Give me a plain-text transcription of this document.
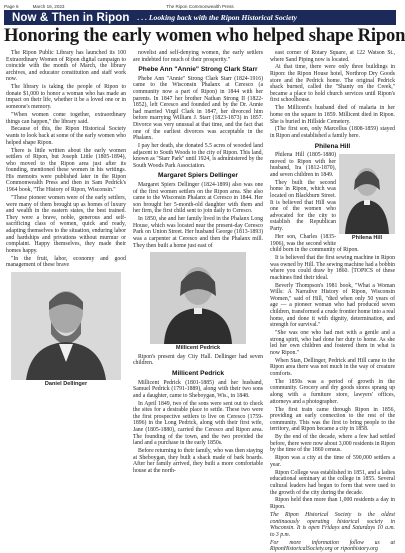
Page 6	The Ripon Commonwealth Press
March 16, 2023
Now & Then in Ripon . . . Looking back with the Ripon Historical Society
Honoring the early women who helped shape Ripon

The Ripon Public Library has launched its 100 Extraordinary Women of Ripon digital campaign to coincide with the month of March, the library archives, and educator constitution and staff work now.

The library is taking the people of Ripon to donate $1,000 to honor a woman who has made an impact on their life, whether it be a loved one or in someone's memory.

"When women come together, extraordinary things can happen," the library said.

Because of this, the Ripon Historical Society wants to look back at some of the early women who helped shape Ripon.

There is little written about the early women settlers of Ripon, but Joseph Little (1805-1894), who moved to the Ripon area just after its founding, mentioned these women in his writings. His memoirs were published later in the Ripon Commonwealth Press and then in Sam Pedrick's 1964 book, "The History of Ripon, Wisconsin."

"These pioneer women were of the early settlers, were many of them brought up as homes of luxury and wealth in the eastern states, the best trained. They were a brave, noble, generous and self-sacrificing class of women, quick and ready, adapting themselves to the situation, enduring labor and hardships and privations without murmur or complaint. Happy themselves, they made their homes happy.

"In the fruit, labor, economy and good management of these brave

Daniel Dellinger

novelist and self-denying women, the early settlers are indebted for much of their prosperity."

Phebe Ann "Annie" Strong Clark Starr

Phebe Ann "Annie" Strong Clark Starr (1824-1916) came to the Wisconsin Phalanx at Ceresco (a community now a part of Ripon) in 1844 with her parents. In 1847 her brother Nathan Strong II (1822-1852), left Ceresco and founded and by the Dr. Annie had married Virgil Clark in 1847, her divorced him before marrying William J. Starr (1823-1873) in 1857. Divorce was very unusual at that time, and the fact that one of the earliest divorces was acceptable in the Phalanx.

I pay her death, she donated 5.5 acres of wooded land adjacent to South Woods to the city of Ripon. This land, known as "Starr Park" until 1924, is administered by the South Woods Park Association.

Margaret Spiers Dellinger

Margaret Spiers Dellinger (1824-1899) also was one of the first women settlers on the Ripon area. She also came to the Wisconsin Phalanx at Ceresco in 1844. Her son brought her 5-month-old daughter with them and her firm, the first child sent to join daily to Ceresco.

In 1850, she and her family lived in the Phalanx Long House, which was located near the present-day Ceresco Park on Union Street. Her husband George (1813-1893) was a carpenter at Ceresco and then the Phalanx mill. They then built a home just east of

Millicent Pedrick

Ripon's present day City Hall. Dellinger had seven children.

Millicent Pedrick

Millicent Pedrick (1801-1885) and her husband, Samuel Pedrick (1791-1889), along with their two sons and a daughter, came to Sheboygan, Wis., in 1848.

In April 1849, two of the sons were sent out to check the sites for a desirable place to settle. These two were the first prospective settlers to live on Ceresco (1759-1896) in the Long Pedrick, along with their first wife, Jane (1805-1880), carried the Ceresco and Ripon area. The founding of the town, and the two provided the land and a purchase in the early 1850s.

Before returning to their family, who was then staying at Sheboygan, they built a shack made of bark boards. After her family arrived, they built a more comfortable house at the north-

east corner of Rotary Square, at 122 Watson St., where Sand Piping now is located.

At that time, there were only three buildings in Ripon: the Ripon House hotel, Northrop Dry Goods store and the Pedrick home. The original Pedrick shack burned, called the "Shanty on the Creek," became a place to hold church services until Ripon's first schoolhouse.

The Millicent's husband died of malaria in her home on the square in 1859. Millicent died in Ripon. She is buried in Hillside Cemetery.

(The first son, only Marcellus (1808-1859) stayed in Ripon and established a family here.

Philena Hill
Philena Hill

Philena Hill (1805-1880) moved to Ripon with her husband, Ira (1812-1870), and seven children in 1849.

They built the second home in Ripon, which was located on Blackburn Street. It is believed that Hill was one of the women who advocated for the city to establish the Republican Party.

Her son, Charles (1835-1906), was the second white child born in the community of Ripon.

It is believed that the first sewing machine in Ripon was owned by Hill. The sewing machine had a bobbin where you could draw by 1860. [TOPICS of these machines find their ideal.

Beverly Thompson's 1981 book, "What a Woman Wills: A Narrative History of Ripon, Wisconsin Women," said of Hill, "died when only 50 years of age — a pioneer woman who had produced seven children, transformed a crude frontier home into a real home, and done it with dignity, determination, and strength for survival."

"She was one who had met with a gentle and a strong spirit, who had done her duty to home. As she led her own children and fostered them in what is now Ripon."

When Stan, Dellinger, Pedrick and Hill came to the Ripon area there was not much in the way of creature comforts.

The 1850s was a period of growth in the community. Grocery and dry goods stores sprang up along with a furniture store, lawyers' offices, attorneys and a photographer.

The first train came through Ripon in 1856, providing an early connection to the rest of the community. This was the first to bring people to the territory, and Ripon became a city in 1858.

By the end of the decade, where a few had settled before, there were now about 3,000 residents in Ripon by the time of the 1860 census.

Ripon was a city at the time of 590,000 settlers a year.

Ripon College was established in 1851, and a ladies educational seminary at the college in 1855. Several cultural leaders had begun to form that were used to the growth of the city during the decade.

Ripon held then more than 1,000 residents a day in Ripon.

The Ripon Historical Society is the oldest continuously operating historical society in Wisconsin. It is open Fridays and Saturdays 10 a.m. to 3 p.m.

For more information follow us at RiponHistoricalSociety.org or riponhistory.org
